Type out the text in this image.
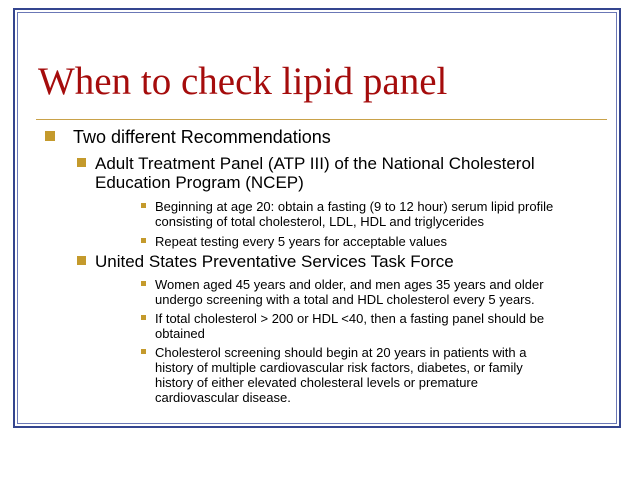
When to check lipid panel
Two different Recommendations
Adult Treatment Panel (ATP III) of the National Cholesterol
Education Program (NCEP)
Beginning at age 20: obtain a fasting (9 to 12 hour) serum lipid profile
consisting of total cholesterol, LDL, HDL and triglycerides
Repeat testing every 5 years for acceptable values
United States Preventative Services Task Force
Women aged 45 years and older, and men ages 35 years and older
undergo screening with a total and HDL cholesterol every 5 years.
If total cholesterol > 200 or HDL <40, then a fasting panel should be
obtained
Cholesterol screening should begin at 20 years in patients with a
history of multiple cardiovascular risk factors, diabetes, or family
history of either elevated cholesteral levels or premature
cardiovascular disease.
